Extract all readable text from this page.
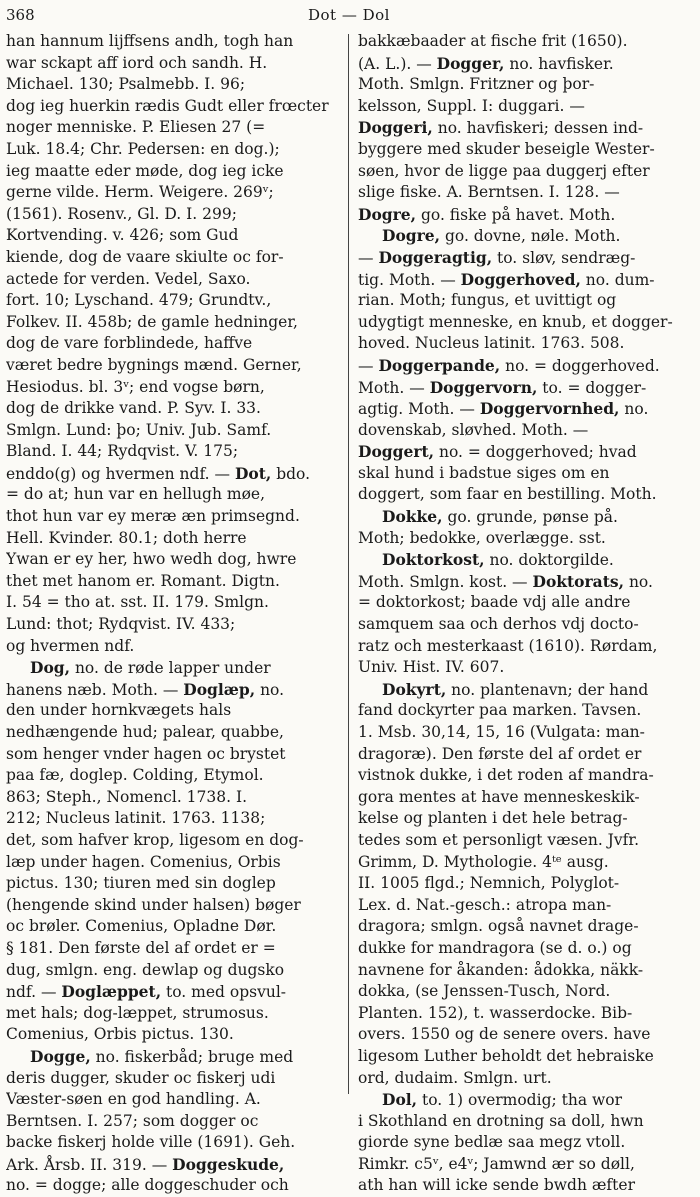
368	Dot — Dol
han hannum lijffsens andh, togh han
war sckapt aff iord och sandh. H.
Michael. 130; Psalmebb. I. 96;
dog ieg huerkin rædis Gudt eller frœcter
noger menniske. P. Eliesen 27 (=
Luk. 18.4; Chr. Pedersen: en dog.);
ieg maatte eder møde, dog ieg icke
gerne vilde. Herm. Weigere. 269ᵛ;
(1561). Rosenv., Gl. D. I. 299;
Kortvending. v. 426; som Gud
kiende, dog de vaare skiulte oc for-
actede for verden. Vedel, Saxo.
fort. 10; Lyschand. 479; Grundtv.,
Folkev. II. 458b; de gamle hedninger,
dog de vare forblindede, haffve
været bedre bygnings mænd. Gerner,
Hesiodus. bl. 3ᵛ; end vogse børn,
dog de drikke vand. P. Syv. I. 33.
Smlgn. Lund: þo; Univ. Jub. Samf.
Bland. I. 44; Rydqvist. V. 175;
enddo(g) og hvermen ndf. — Dot, bdo.
= do at; hun var en hellugh møe,
thot hun var ey meræ æn primsegnd.
Hell. Kvinder. 80.1; doth herre
Ywan er ey her, hwo wedh dog, hwre
thet met hanom er. Romant. Digtn.
I. 54 = tho at. sst. II. 179. Smlgn.
Lund: thot; Rydqvist. IV. 433;
og hvermen ndf.
Dog, no. de røde lapper under
hanens næb. Moth. — Doglæp, no.
den under hornkvægets hals
nedhængende hud; palear, quabbe,
som henger vnder hagen oc brystet
paa fæ, doglep. Colding, Etymol.
863; Steph., Nomencl. 1738. I.
212; Nucleus latinit. 1763. 1138;
det, som hafver krop, ligesom en dog-
læp under hagen. Comenius, Orbis
pictus. 130; tiuren med sin doglep
(hengende skind under halsen) bøger
oc brøler. Comenius, Opladne Dør.
§ 181. Den første del af ordet er =
dug, smlgn. eng. dewlap og dugsko
ndf. — Doglæppet, to. med opsvul-
met hals; dog-læppet, strumosus.
Comenius, Orbis pictus. 130.
Dogge, no. fiskerbåd; bruge med
deris dugger, skuder oc fiskerj udi
Væster-søen en god handling. A.
Berntsen. I. 257; som dogger oc
backe fiskerj holde ville (1691). Geh.
Ark. Årsb. II. 319. — Doggeskude,
no. = dogge; alle doggeschuder och
bakkæbaader at fische frit (1650).
(A. L.). — Dogger, no. havfisker.
Moth. Smlgn. Fritzner og þor-
kelsson, Suppl. I: duggari. —
Doggeri, no. havfiskeri; dessen ind-
byggere med skuder beseigle Wester-
søen, hvor de ligge paa duggerj efter
slige fiske. A. Berntsen. I. 128. —
Dogre, go. fiske på havet. Moth.
Dogre, go. dovne, nøle. Moth.
— Doggeragtig, to. sløv, sendræg-
tig. Moth. — Doggerhoved, no. dum-
rian. Moth; fungus, et uvittigt og
udygtigt menneske, en knub, et dogger-
hoved. Nucleus latinit. 1763. 508.
— Doggerpande, no. = doggerhoved.
Moth. — Doggervorn, to. = dogger-
agtig. Moth. — Doggervornhed, no.
dovenskab, sløvhed. Moth. —
Doggert, no. = doggerhoved; hvad
skal hund i badstue siges om en
doggert, som faar en bestilling. Moth.
Dokke, go. grunde, pønse på.
Moth; bedokke, overlægge. sst.
Doktorkost, no. doktorgilde.
Moth. Smlgn. kost. — Doktorats, no.
= doktorkost; baade vdj alle andre
samquem saa och derhos vdj docto-
ratz och mesterkaast (1610). Rørdam,
Univ. Hist. IV. 607.
Dokyrt, no. plantenavn; der hand
fand dockyrter paa marken. Tavsen.
1. Msb. 30,14, 15, 16 (Vulgata: man-
dragoræ). Den første del af ordet er
vistnok dukke, i det roden af mandra-
gora mentes at have menneskeskik-
kelse og planten i det hele betrag-
tedes som et personligt væsen. Jvfr.
Grimm, D. Mythologie. 4ᵗᵉ ausg.
II. 1005 flgd.; Nemnich, Polyglot-
Lex. d. Nat.-gesch.: atropa man-
dragora; smlgn. også navnet drage-
dukke for mandragora (se d. o.) og
navnene for åkanden: ådokka, näkk-
dokka, (se Jenssen-Tusch, Nord.
Planten. 152), t. wasserdocke. Bib-
overs. 1550 og de senere overs. have
ligesom Luther beholdt det hebraiske
ord, dudaim. Smlgn. urt.
Dol, to. 1) overmodig; tha wor
i Skothland en drotning sa doll, hwn
giorde syne bedlæ saa megz vtoll.
Rimkr. c5ᵛ, e4ᵛ; Jamwnd ær so døll,
ath han will icke sende bwdh æfter
